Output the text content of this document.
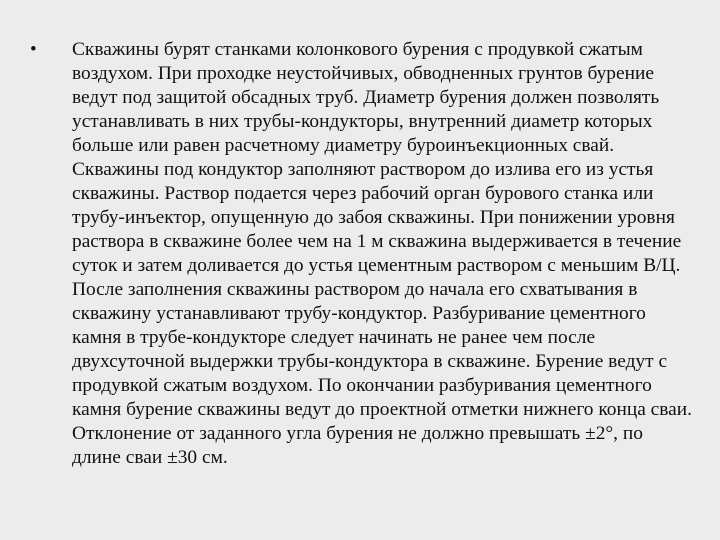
• Скважины бурят станками колонкового бурения с продувкой сжатым воздухом. При проходке неустойчивых, обводненных грунтов бурение ведут под защитой обсадных труб. Диаметр бурения должен позволять устанавливать в них трубы-кондукторы, внутренний диаметр которых больше или равен расчетному диаметру буроинъекционных свай. Скважины под кондуктор заполняют раствором до излива его из устья скважины. Раствор подается через рабочий орган бурового станка или трубу-инъектор, опущенную до забоя скважины. При понижении уровня раствора в скважине более чем на 1 м скважина выдерживается в течение суток и затем доливается до устья цементным раствором с меньшим В/Ц. После заполнения скважины раствором до начала его схватывания в скважину устанавливают трубу-кондуктор. Разбуривание цементного камня в трубе-кондукторе следует начинать не ранее чем после двухсуточной выдержки трубы-кондуктора в скважине. Бурение ведут с продувкой сжатым воздухом. По окончании разбуривания цементного камня бурение скважины ведут до проектной отметки нижнего конца сваи. Отклонение от заданного угла бурения не должно превышать ±2°, по длине сваи ±30 см.
